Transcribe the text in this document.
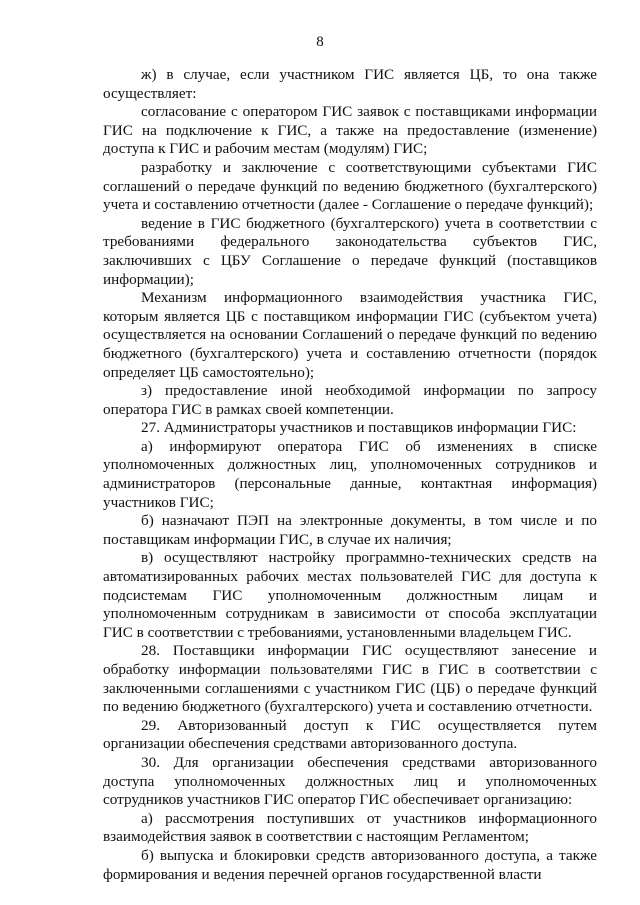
8

ж) в случае, если участником ГИС является ЦБ, то она также осуществляет:

согласование с оператором ГИС заявок с поставщиками информации ГИС на подключение к ГИС, а также на предоставление (изменение) доступа к ГИС и рабочим местам (модулям) ГИС;

разработку и заключение с соответствующими субъектами ГИС соглашений о передаче функций по ведению бюджетного (бухгалтерского) учета и составлению отчетности (далее - Соглашение о передаче функций);

ведение в ГИС бюджетного (бухгалтерского) учета в соответствии с требованиями федерального законодательства субъектов ГИС, заключивших с ЦБУ Соглашение о передаче функций (поставщиков информации);

Механизм информационного взаимодействия участника ГИС, которым является ЦБ с поставщиком информации ГИС (субъектом учета) осуществляется на основании Соглашений о передаче функций по ведению бюджетного (бухгалтерского) учета и составлению отчетности (порядок определяет ЦБ самостоятельно);

з) предоставление иной необходимой информации по запросу оператора ГИС в рамках своей компетенции.

27. Администраторы участников и поставщиков информации ГИС:

а) информируют оператора ГИС об изменениях в списке уполномоченных должностных лиц, уполномоченных сотрудников и администраторов (персональные данные, контактная информация) участников ГИС;

б) назначают ПЭП на электронные документы, в том числе и по поставщикам информации ГИС, в случае их наличия;

в) осуществляют настройку программно-технических средств на автоматизированных рабочих местах пользователей ГИС для доступа к подсистемам ГИС уполномоченным должностным лицам и уполномоченным сотрудникам в зависимости от способа эксплуатации ГИС в соответствии с требованиями, установленными владельцем ГИС.

28. Поставщики информации ГИС осуществляют занесение и обработку информации пользователями ГИС в ГИС в соответствии с заключенными соглашениями с участником ГИС (ЦБ) о передаче функций по ведению бюджетного (бухгалтерского) учета и составлению отчетности.

29. Авторизованный доступ к ГИС осуществляется путем организации обеспечения средствами авторизованного доступа.

30. Для организации обеспечения средствами авторизованного доступа уполномоченных должностных лиц и уполномоченных сотрудников участников ГИС оператор ГИС обеспечивает организацию:

а) рассмотрения поступивших от участников информационного взаимодействия заявок в соответствии с настоящим Регламентом;

б) выпуска и блокировки средств авторизованного доступа, а также формирования и ведения перечней органов государственной власти
